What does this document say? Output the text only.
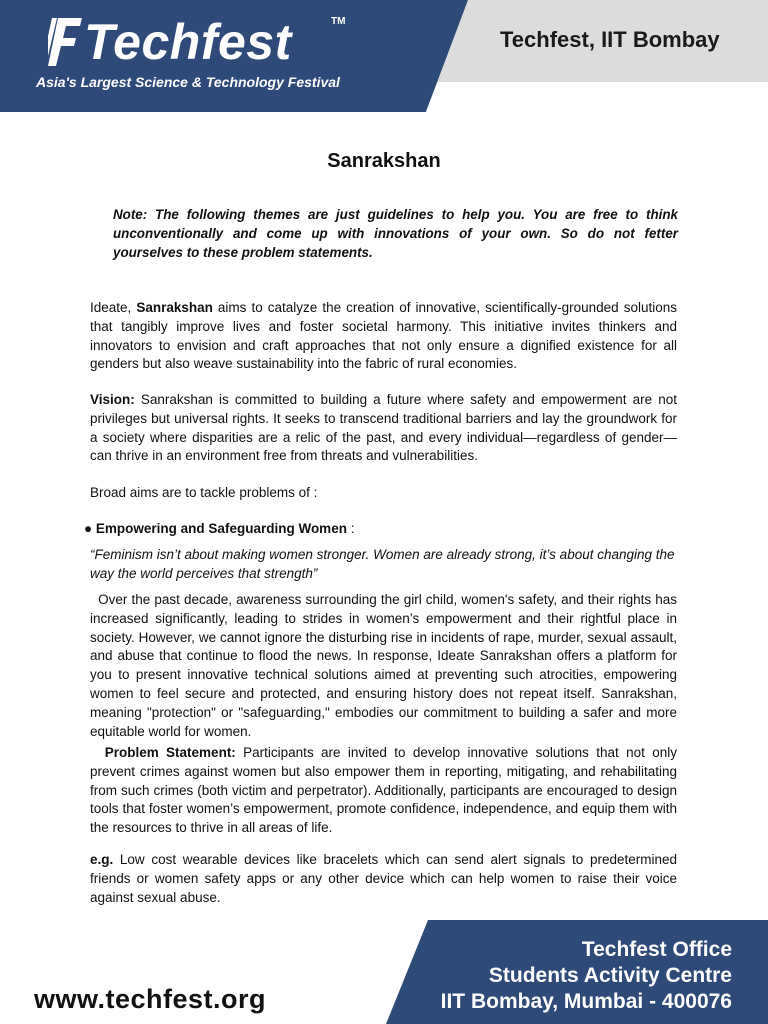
Techfest	TM
Asia's Largest Science & Technology Festival
Techfest, IIT Bombay
Sanrakshan
Note: The following themes are just guidelines to help you. You are free to think unconventionally and come up with innovations of your own. So do not fetter yourselves to these problem statements.

Ideate, Sanrakshan aims to catalyze the creation of innovative, scientifically-grounded solutions that tangibly improve lives and foster societal harmony. This initiative invites thinkers and innovators to envision and craft approaches that not only ensure a dignified existence for all genders but also weave sustainability into the fabric of rural economies.

Vision: Sanrakshan is committed to building a future where safety and empowerment are not privileges but universal rights. It seeks to transcend traditional barriers and lay the groundwork for a society where disparities are a relic of the past, and every individual—regardless of gender—can thrive in an environment free from threats and vulnerabilities.

Broad aims are to tackle problems of :

● Empowering and Safeguarding Women :
“Feminism isn’t about making women stronger. Women are already strong, it’s about changing the way the world perceives that strength”

Over the past decade, awareness surrounding the girl child, women's safety, and their rights has increased significantly, leading to strides in women’s empowerment and their rightful place in society. However, we cannot ignore the disturbing rise in incidents of rape, murder, sexual assault, and abuse that continue to flood the news. In response, Ideate Sanrakshan offers a platform for you to present innovative technical solutions aimed at preventing such atrocities, empowering women to feel secure and protected, and ensuring history does not repeat itself. Sanrakshan, meaning "protection" or "safeguarding," embodies our commitment to building a safer and more equitable world for women.

Problem Statement: Participants are invited to develop innovative solutions that not only prevent crimes against women but also empower them in reporting, mitigating, and rehabilitating from such crimes (both victim and perpetrator). Additionally, participants are encouraged to design tools that foster women’s empowerment, promote confidence, independence, and equip them with the resources to thrive in all areas of life.

e.g. Low cost wearable devices like bracelets which can send alert signals to predetermined friends or women safety apps or any other device which can help women to raise their voice against sexual abuse.

www.techfest.org
Techfest Office
Students Activity Centre
IIT Bombay, Mumbai - 400076
